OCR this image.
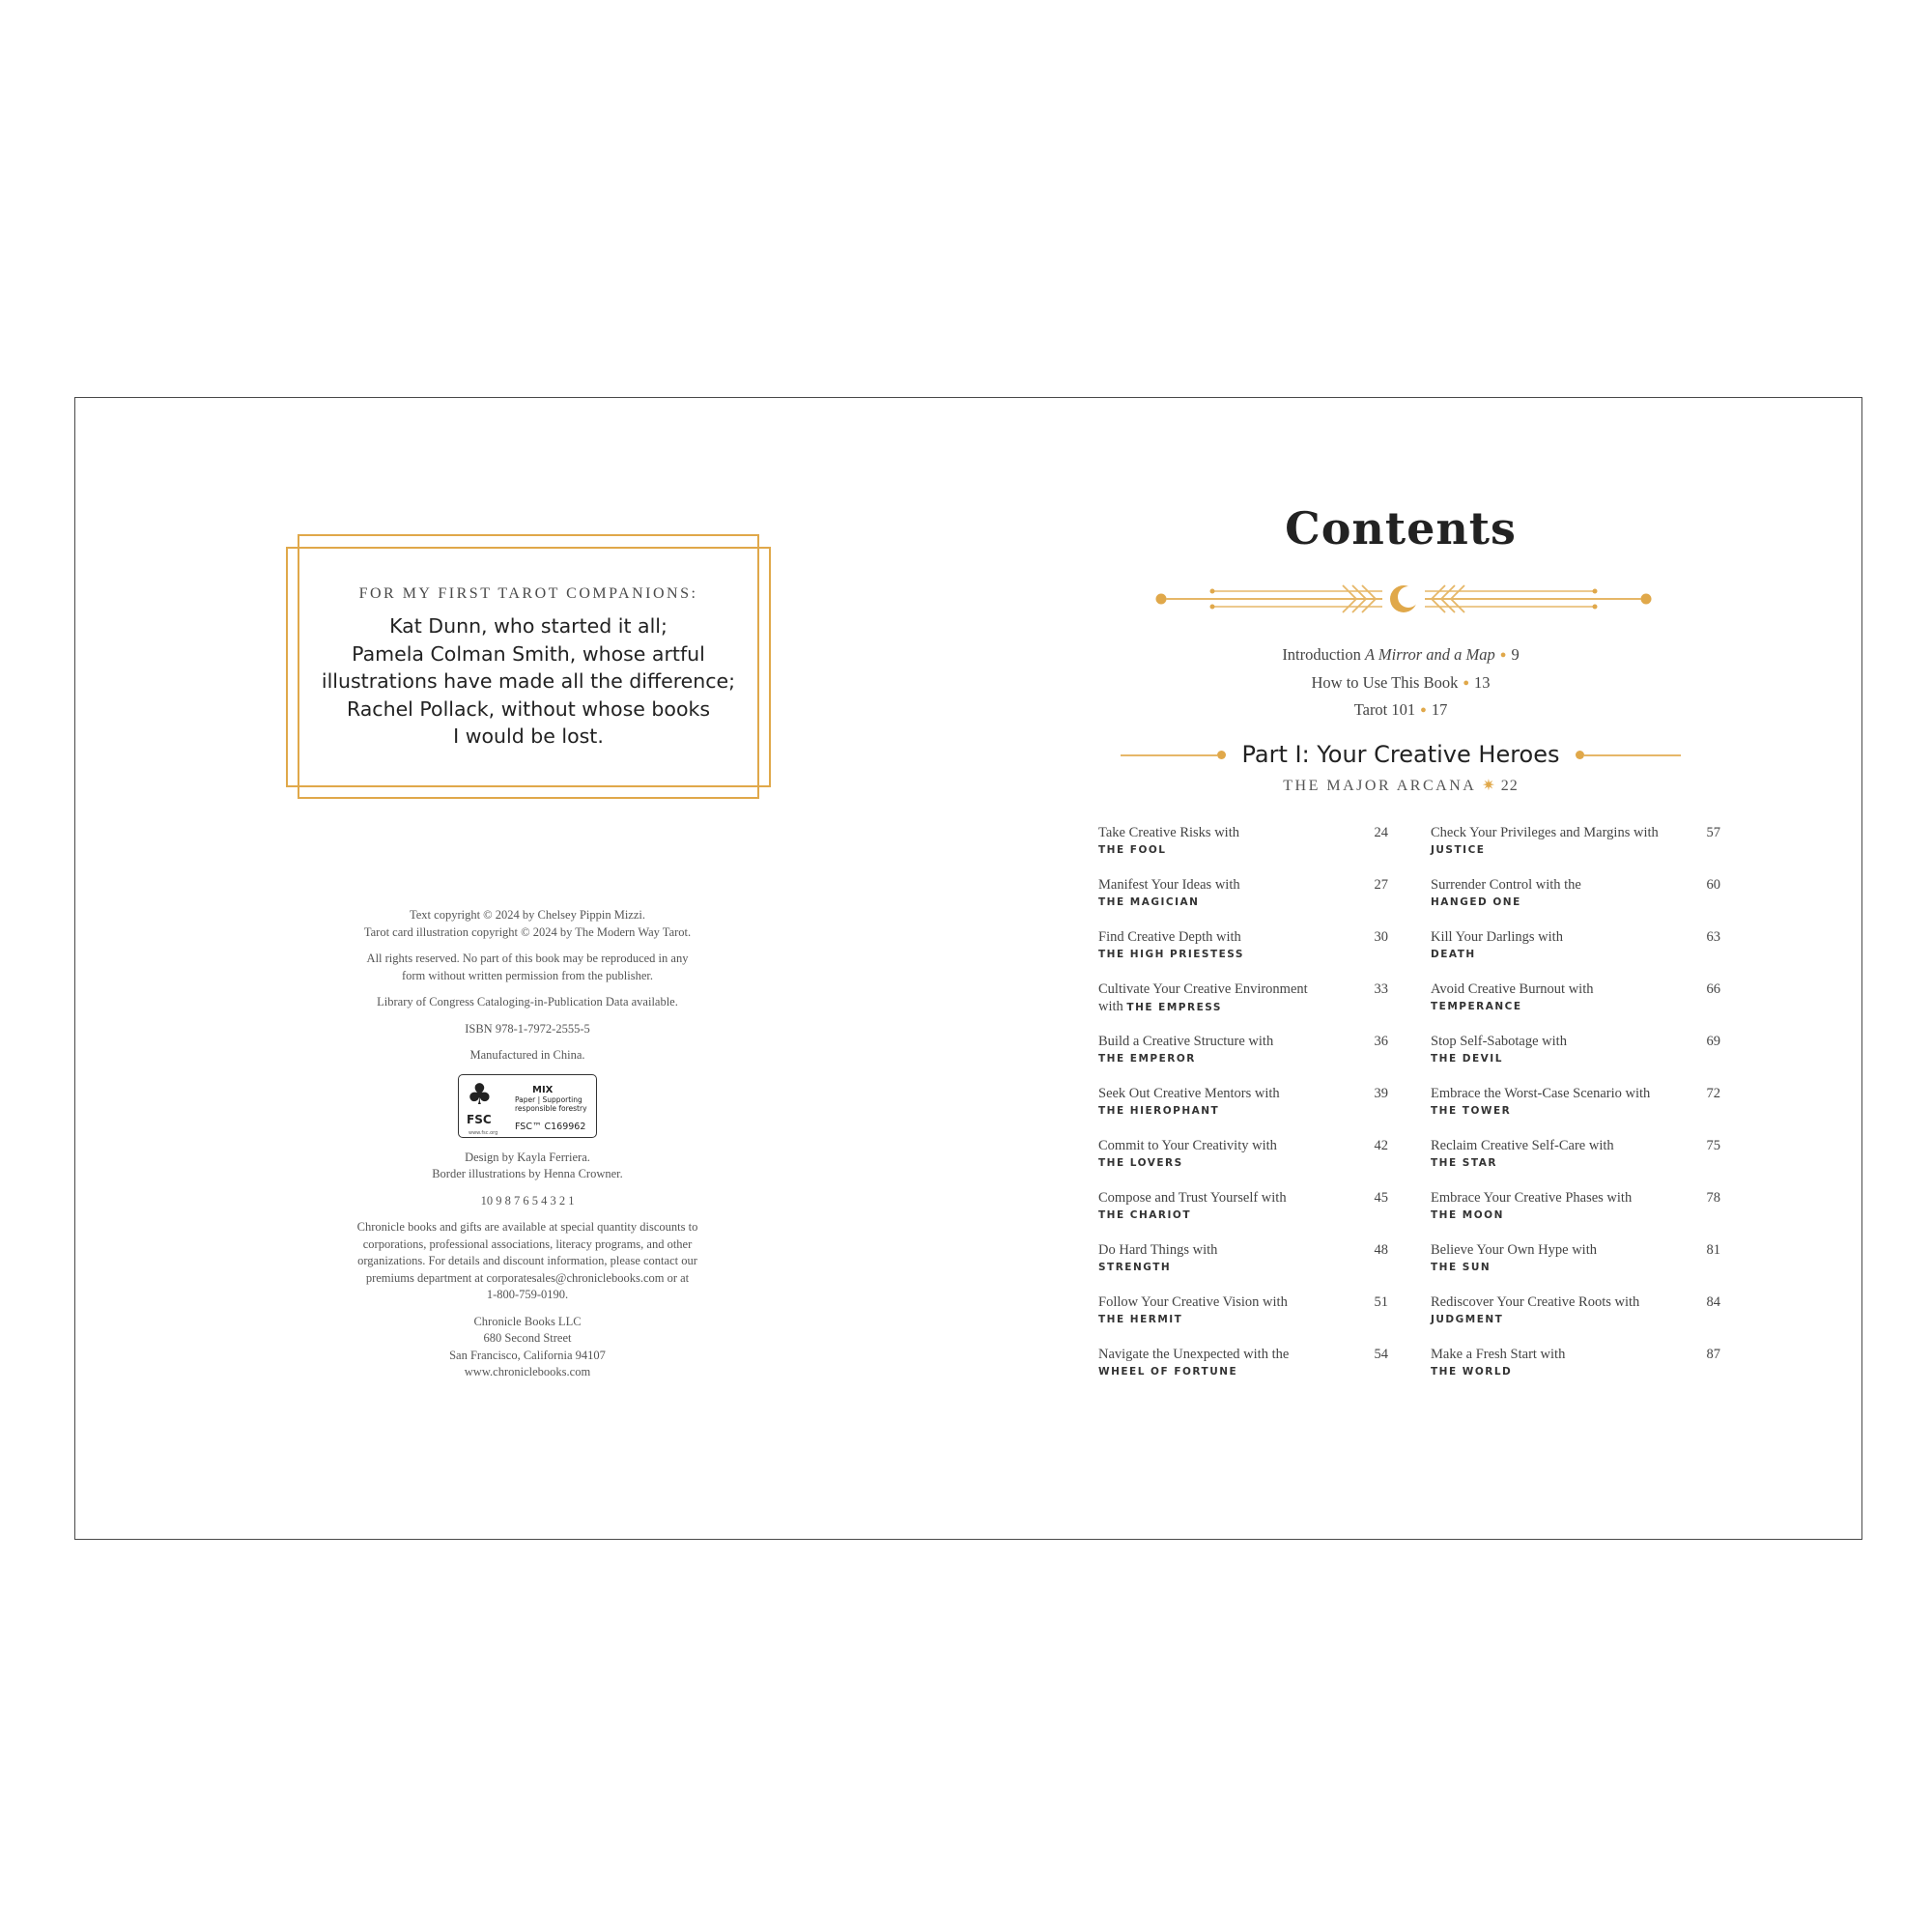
FOR MY FIRST TAROT COMPANIONS:
Kat Dunn, who started it all;
Pamela Colman Smith, whose artful
illustrations have made all the difference;
Rachel Pollack, without whose books
I would be lost.

Text copyright © 2024 by Chelsey Pippin Mizzi.
Tarot card illustration copyright © 2024 by The Modern Way Tarot.

All rights reserved. No part of this book may be reproduced in any
form without written permission from the publisher.

Library of Congress Cataloging-in-Publication Data available.

ISBN 978-1-7972-2555-5

Manufactured in China.

♣
FSC
www.fsc.org
MIX
Paper | Supporting responsible forestry
FSC™ C169962

Design by Kayla Ferriera.
Border illustrations by Henna Crowner.

10 9 8 7 6 5 4 3 2 1

Chronicle books and gifts are available at special quantity discounts to
corporations, professional associations, literacy programs, and other
organizations. For details and discount information, please contact our
premiums department at corporatesales@chroniclebooks.com or at
1-800-759-0190.

Chronicle Books LLC
680 Second Street
San Francisco, California 94107
www.chroniclebooks.com

Contents
Introduction A Mirror and a Map ● 9
How to Use This Book ● 13
Tarot 101 ● 17
Part I: Your Creative Heroes
THE MAJOR ARCANA ✷ 22
Take Creative Risks with
THE FOOL
24
Manifest Your Ideas with
THE MAGICIAN
27
Find Creative Depth with
THE HIGH PRIESTESS
30
Cultivate Your Creative Environment
with THE EMPRESS
33
Build a Creative Structure with
THE EMPEROR
36
Seek Out Creative Mentors with
THE HIEROPHANT
39
Commit to Your Creativity with
THE LOVERS
42
Compose and Trust Yourself with
THE CHARIOT
45
Do Hard Things with
STRENGTH
48
Follow Your Creative Vision with
THE HERMIT
51
Navigate the Unexpected with the
WHEEL OF FORTUNE
54
Check Your Privileges and Margins with
JUSTICE
57
Surrender Control with the
HANGED ONE
60
Kill Your Darlings with
DEATH
63
Avoid Creative Burnout with
TEMPERANCE
66
Stop Self-Sabotage with
THE DEVIL
69
Embrace the Worst-Case Scenario with
THE TOWER
72
Reclaim Creative Self-Care with
THE STAR
75
Embrace Your Creative Phases with
THE MOON
78
Believe Your Own Hype with
THE SUN
81
Rediscover Your Creative Roots with
JUDGMENT
84
Make a Fresh Start with
THE WORLD
87
